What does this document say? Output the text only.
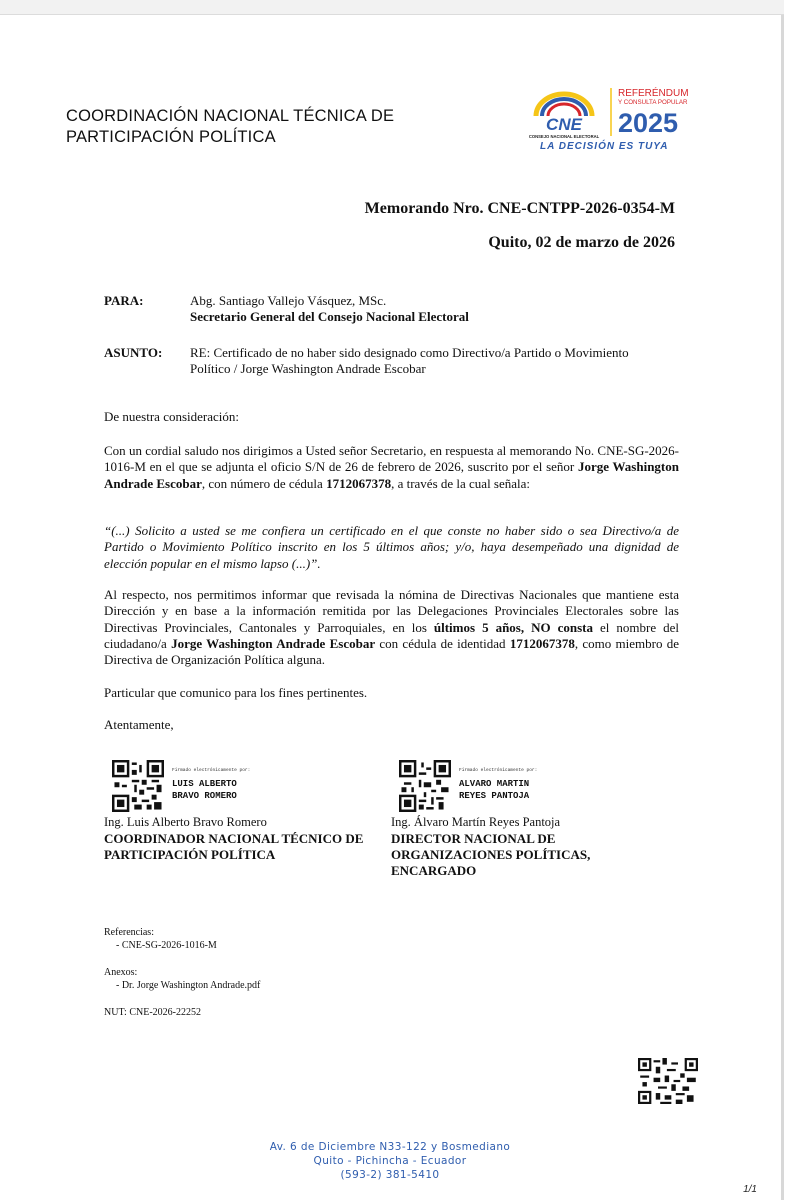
COORDINACIÓN NACIONAL TÉCNICA DE
PARTICIPACIÓN POLÍTICA
CNE
CONSEJO NACIONAL ELECTORAL
REFERÉNDUM
Y CONSULTA POPULAR
2025
LA DECISIÓN ES TUYA
Memorando Nro. CNE-CNTPP-2026-0354-M
Quito, 02 de marzo de 2026
PARA:	Abg. Santiago Vallejo Vásquez, MSc.
Secretario General del Consejo Nacional Electoral
ASUNTO: RE: Certificado de no haber sido designado como Directivo/a Partido o Movimiento Político / Jorge Washington Andrade Escobar
De nuestra consideración:
Con un cordial saludo nos dirigimos a Usted señor Secretario, en respuesta al memorando No. CNE-SG-2026-1016-M en el que se adjunta el oficio S/N de 26 de febrero de 2026, suscrito por el señor Jorge Washington Andrade Escobar, con número de cédula 1712067378, a través de la cual señala:
“(...) Solicito a usted se me confiera un certificado en el que conste no haber sido o sea Directivo/a de Partido o Movimiento Político inscrito en los 5 últimos años; y/o, haya desempeñado una dignidad de elección popular en el mismo lapso (...)”.
Al respecto, nos permitimos informar que revisada la nómina de Directivas Nacionales que mantiene esta Dirección y en base a la información remitida por las Delegaciones Provinciales Electorales sobre las Directivas Provinciales, Cantonales y Parroquiales, en los últimos 5 años, NO consta el nombre del ciudadano/a Jorge Washington Andrade Escobar con cédula de identidad 1712067378, como miembro de Directiva de Organización Política alguna.
Particular que comunico para los fines pertinentes.
Atentamente,
Firmado electrónicamente por:
LUIS ALBERTO
BRAVO ROMERO
Ing. Luis Alberto Bravo Romero
COORDINADOR NACIONAL TÉCNICO DE
PARTICIPACIÓN POLÍTICA
Firmado electrónicamente por:
ALVARO MARTIN
REYES PANTOJA
Ing. Álvaro Martín Reyes Pantoja
DIRECTOR NACIONAL DE
ORGANIZACIONES POLÍTICAS,
ENCARGADO
Referencias:
- CNE-SG-2026-1016-M
Anexos:
- Dr. Jorge Washington Andrade.pdf
NUT: CNE-2026-22252
Av. 6 de Diciembre N33-122 y Bosmediano
Quito - Pichincha - Ecuador
(593-2) 381-5410
1/1
